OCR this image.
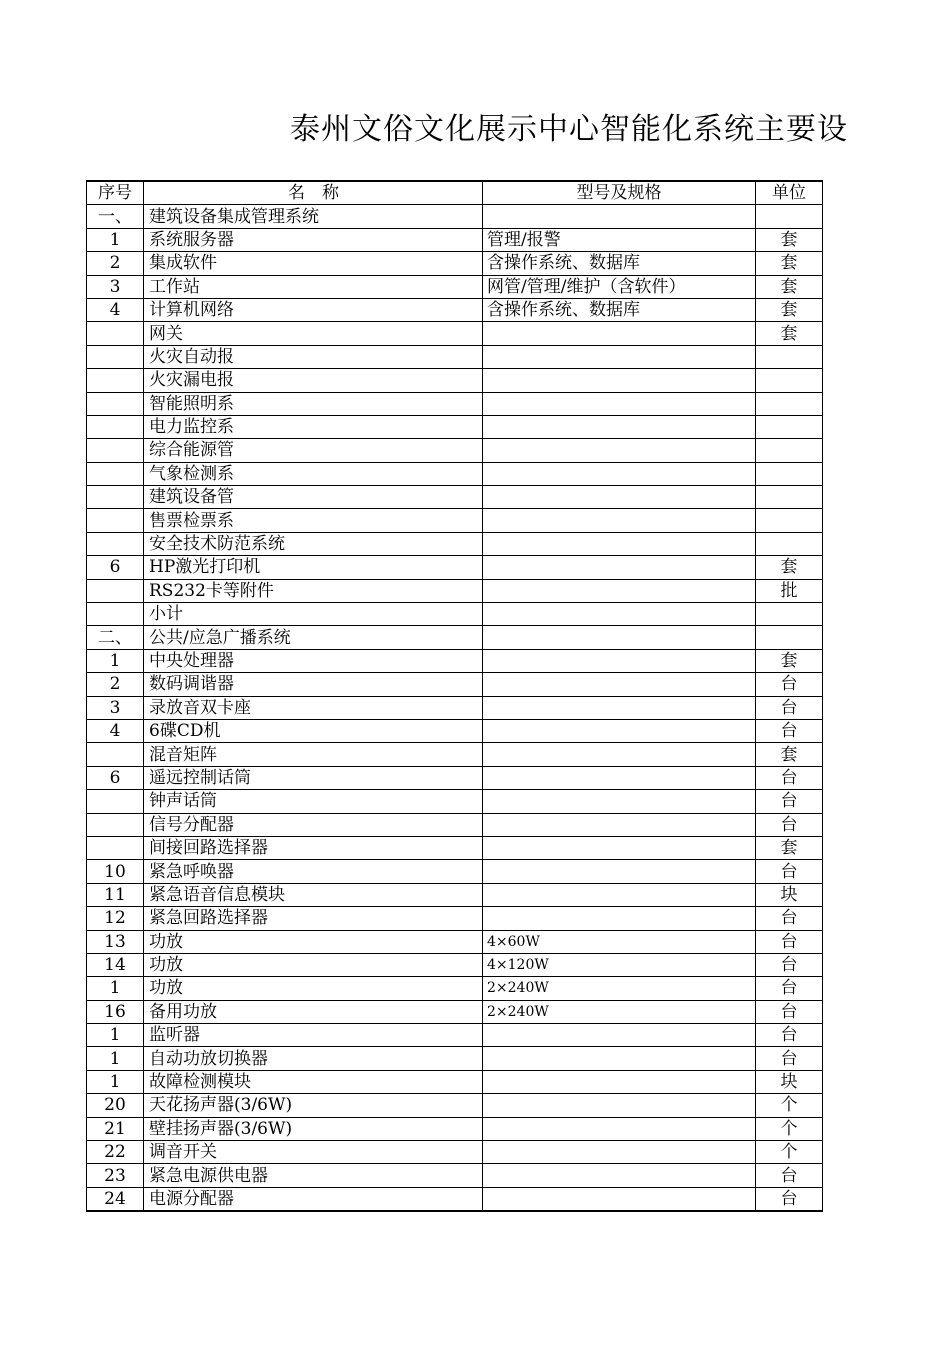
泰州文俗文化展示中心智能化系统主要设
序号	名　称	型号及规格	单位
一、	建筑设备集成管理系统		
1	系统服务器	管理/报警	套
2	集成软件	含操作系统、数据库	套
3	工作站	网管/管理/维护（含软件）	套
4	计算机网络	含操作系统、数据库	套
	网关		套
	火灾自动报		
	火灾漏电报		
	智能照明系		
	电力监控系		
	综合能源管		
	气象检测系		
	建筑设备管		
	售票检票系		
	安全技术防范系统		
6	HP激光打印机		套
	RS232卡等附件		批
	小计		
二、	公共/应急广播系统		
1	中央处理器		套
2	数码调谐器		台
3	录放音双卡座		台
4	6碟CD机		台
	混音矩阵		套
6	遥远控制话筒		台
	钟声话筒		台
	信号分配器		台
	间接回路选择器		套
10	紧急呼唤器		台
11	紧急语音信息模块		块
12	紧急回路选择器		台
13	功放	4×60W	台
14	功放	4×120W	台
1	功放	2×240W	台
16	备用功放	2×240W	台
1	监听器		台
1	自动功放切换器		台
1	故障检测模块		块
20	天花扬声器(3/6W)		个
21	壁挂扬声器(3/6W)		个
22	调音开关		个
23	紧急电源供电器		台
24	电源分配器		台
